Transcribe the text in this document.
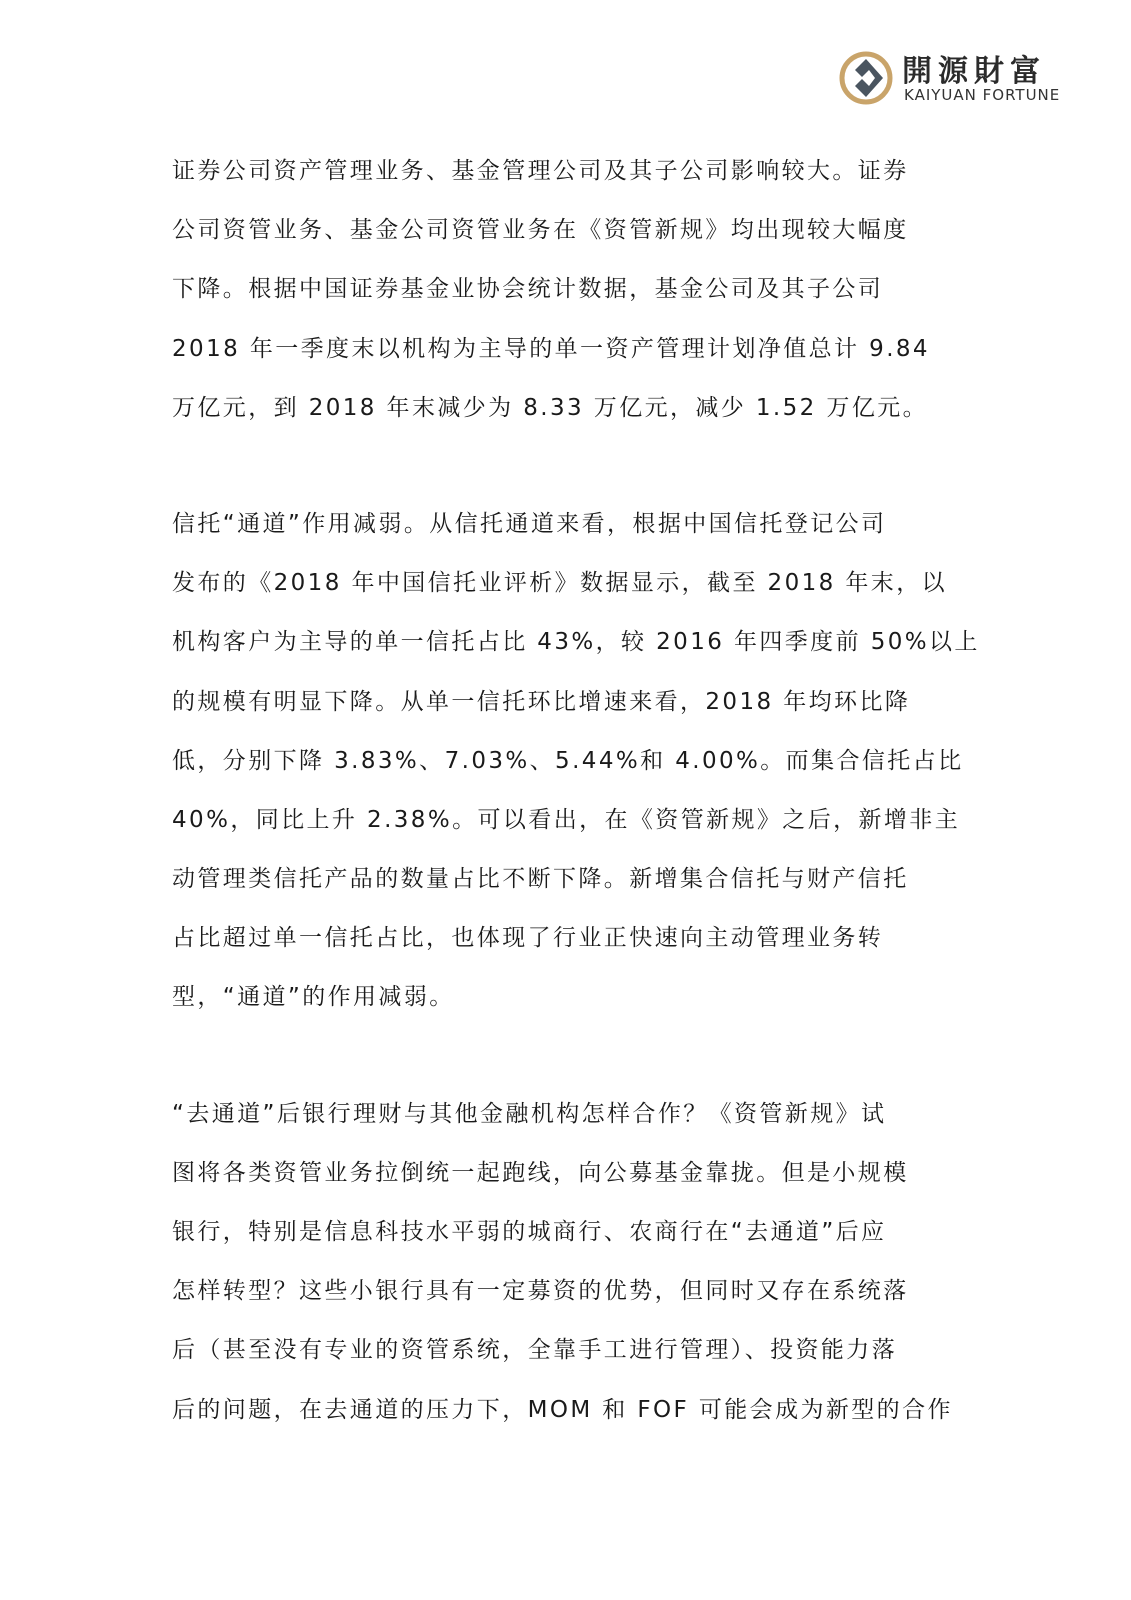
開源財富
KAIYUAN FORTUNE
证券公司资产管理业务、基金管理公司及其子公司影响较大。证券
公司资管业务、基金公司资管业务在《资管新规》均出现较大幅度
下降。根据中国证券基金业协会统计数据，基金公司及其子公司
2018 年一季度末以机构为主导的单一资产管理计划净值总计 9.84
万亿元，到 2018 年末减少为 8.33 万亿元，减少 1.52 万亿元。
信托“通道”作用减弱。从信托通道来看，根据中国信托登记公司
发布的《2018 年中国信托业评析》数据显示，截至 2018 年末，以
机构客户为主导的单一信托占比 43%，较 2016 年四季度前 50%以上
的规模有明显下降。从单一信托环比增速来看，2018 年均环比降
低，分别下降 3.83%、7.03%、5.44%和 4.00%。而集合信托占比
40%，同比上升 2.38%。可以看出，在《资管新规》之后，新增非主
动管理类信托产品的数量占比不断下降。新增集合信托与财产信托
占比超过单一信托占比，也体现了行业正快速向主动管理业务转
型，“通道”的作用减弱。
“去通道”后银行理财与其他金融机构怎样合作？《资管新规》试
图将各类资管业务拉倒统一起跑线，向公募基金靠拢。但是小规模
银行，特别是信息科技水平弱的城商行、农商行在“去通道”后应
怎样转型？这些小银行具有一定募资的优势，但同时又存在系统落
后（甚至没有专业的资管系统，全靠手工进行管理）、投资能力落
后的问题，在去通道的压力下，MOM 和 FOF 可能会成为新型的合作
